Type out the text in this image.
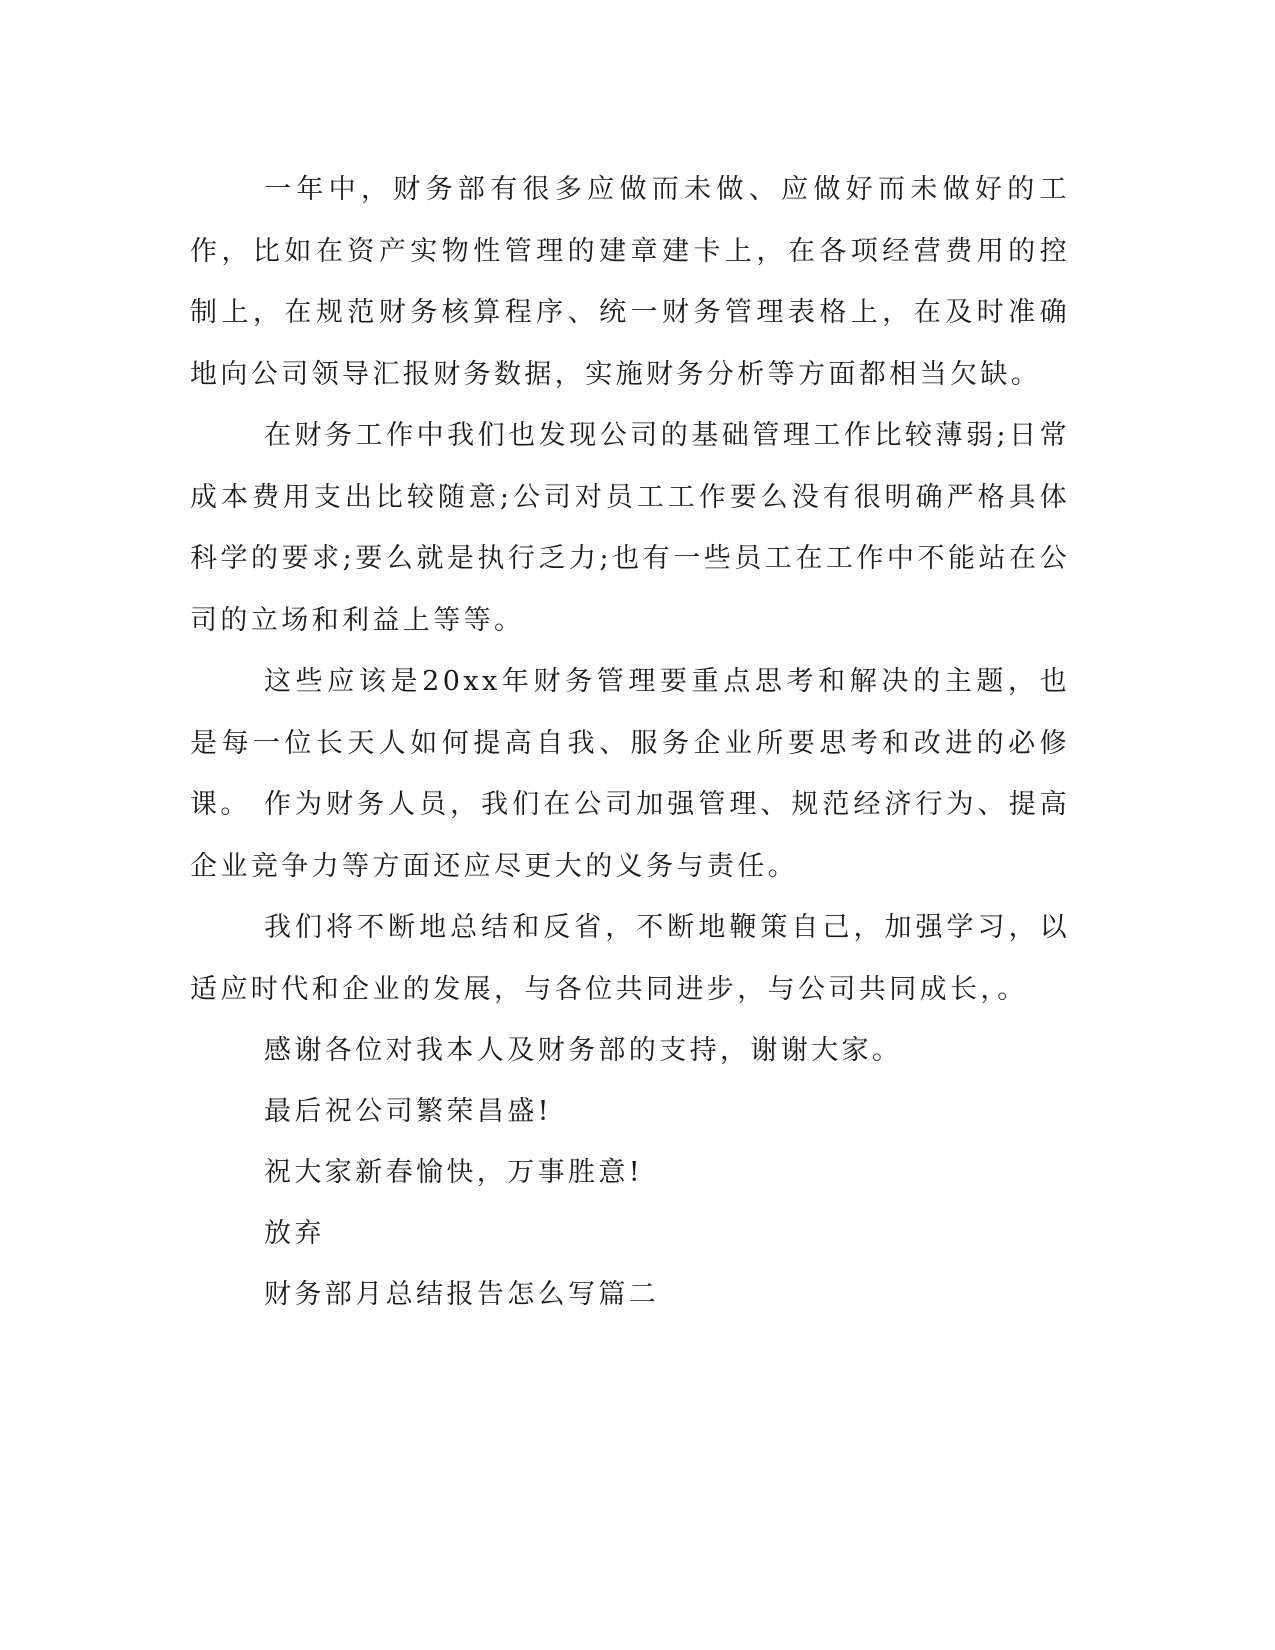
一年中，财务部有很多应做而未做、应做好而未做好的工作，比如在资产实物性管理的建章建卡上，在各项经营费用的控制上，在规范财务核算程序、统一财务管理表格上，在及时准确地向公司领导汇报财务数据，实施财务分析等方面都相当欠缺。

在财务工作中我们也发现公司的基础管理工作比较薄弱;日常成本费用支出比较随意;公司对员工工作要么没有很明确严格具体科学的要求;要么就是执行乏力;也有一些员工在工作中不能站在公司的立场和利益上等等。

这些应该是20xx年财务管理要重点思考和解决的主题，也是每一位长天人如何提高自我、服务企业所要思考和改进的必修课。 作为财务人员，我们在公司加强管理、规范经济行为、提高企业竞争力等方面还应尽更大的义务与责任。

我们将不断地总结和反省，不断地鞭策自己，加强学习，以适应时代和企业的发展，与各位共同进步，与公司共同成长，。

感谢各位对我本人及财务部的支持，谢谢大家。

最后祝公司繁荣昌盛!

祝大家新春愉快，万事胜意!

放弃

财务部月总结报告怎么写篇二
